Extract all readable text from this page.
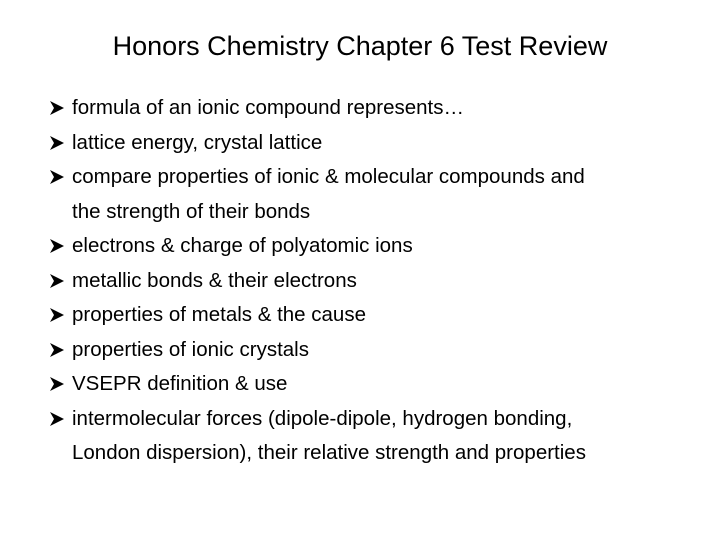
Honors Chemistry Chapter 6 Test Review
formula of an ionic compound represents…
lattice energy, crystal lattice
compare properties of ionic & molecular compounds and
the strength of their bonds
electrons & charge of polyatomic ions
metallic bonds & their electrons
properties of metals & the cause
properties of ionic crystals
VSEPR definition & use
intermolecular forces (dipole-dipole, hydrogen bonding,
London dispersion), their relative strength and properties
